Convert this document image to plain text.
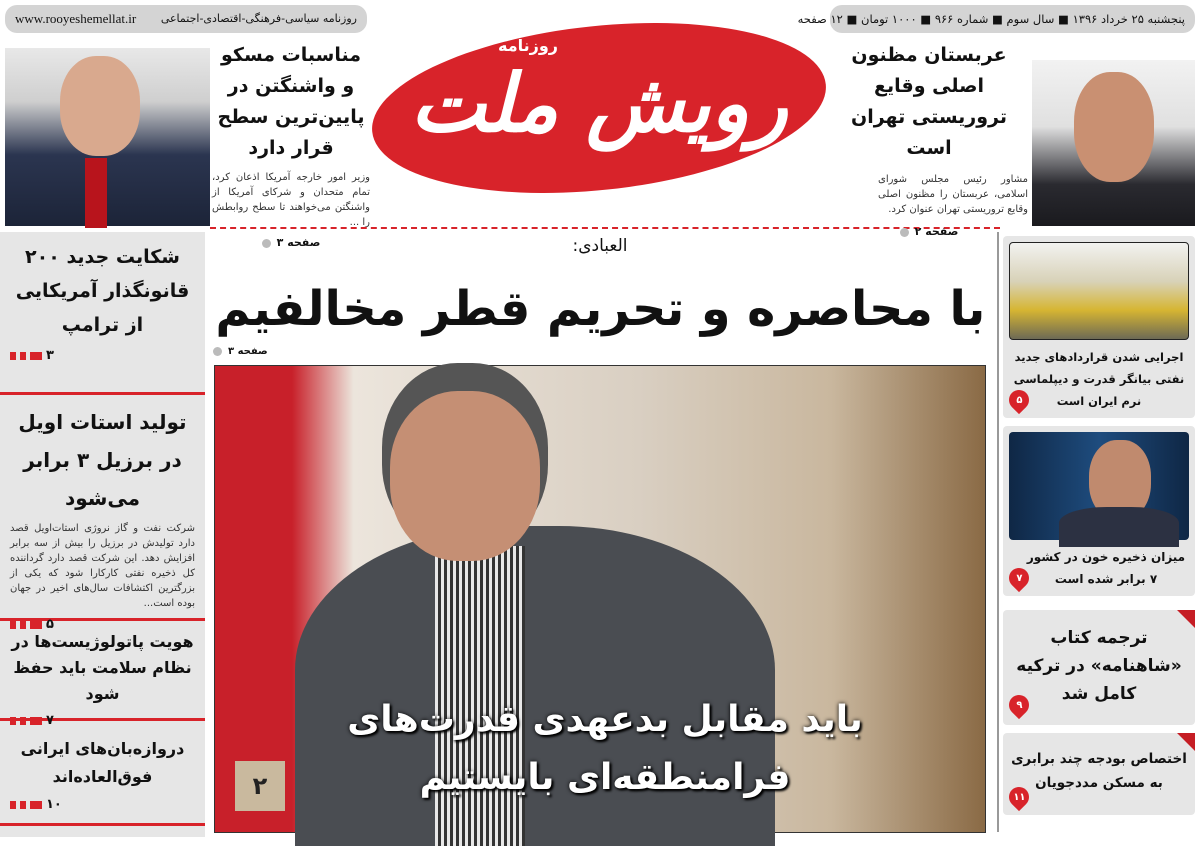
روزنامه سیاسی-فرهنگی-اقتصادی-اجتماعی
www.rooyeshemellat.ir	پنجشنبه ۲۵ خرداد ۱۳۹۶ ■ سال سوم ■ شماره ۹۶۶ ■ ۱۰۰۰ تومان ■ ۱۲ صفحه
رویش ملت
روزنامه
مناسبات مسکو و واشنگتن در پایین‌ترین سطح قرار دارد
وزیر امور خارجه آمریکا اذعان کرد، تمام متحدان و شرکای آمریکا از واشنگتن می‌خواهند تا سطح روابطش را ...
صفحه ۳
عربستان مظنون اصلی وقایع تروریستی تهران است
مشاور رئیس مجلس شورای اسلامی، عربستان را مظنون اصلی وقایع تروریستی تهران عنوان کرد.
صفحه ۲
شکایت جدید ۲۰۰ قانونگذار آمریکایی از ترامپ
۳
تولید استات اویل در برزیل ۳ برابر می‌شود
شرکت نفت و گاز نروژی استات‌اویل قصد دارد تولیدش در برزیل را بیش از سه برابر افزایش دهد. این شرکت قصد دارد گرداننده کل ذخیره نفتی کارکارا شود که یکی از بزرگترین اکتشافات سال‌های اخیر در جهان بوده است...
۵
هویت پاتولوژیست‌ها در نظام سلامت باید حفظ شود
۷
دروازه‌بان‌های ایرانی فوق‌العاده‌اند
۱۰
العبادی:
با محاصره و تحریم قطر مخالفیم
صفحه ۳
۲
باید مقابل بدعهدی قدرت‌های
فرامنطقه‌ای بایستیم
اجرایی شدن قراردادهای جدید نفتی بیانگر قدرت و دیپلماسی نرم ایران است
۵
میزان ذخیره خون در کشور ۷ برابر شده است
۷
ترجمه کتاب «شاهنامه» در ترکیه کامل شد
۹
اختصاص بودجه چند برابری به مسکن مددجویان
۱۱
